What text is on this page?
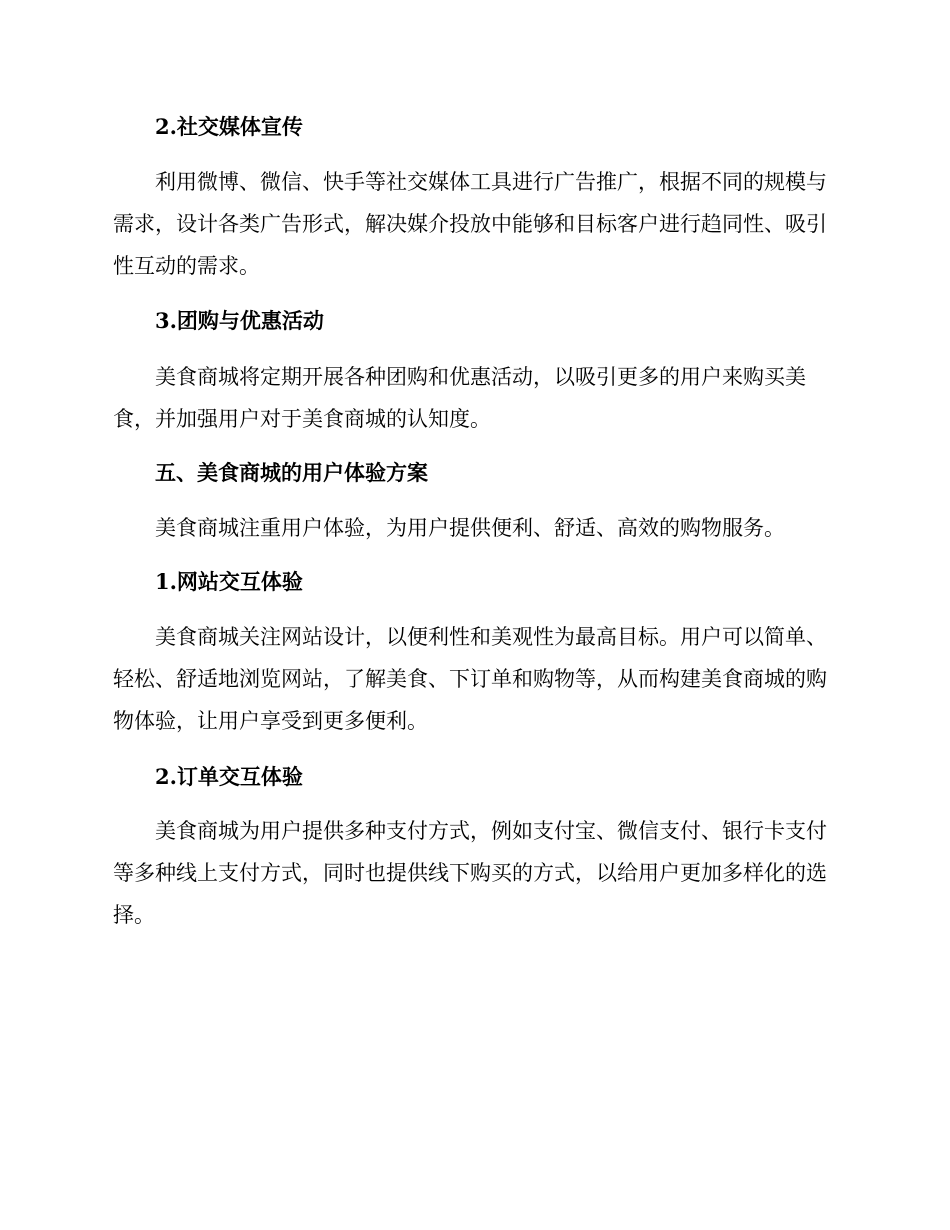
2.社交媒体宣传

利用微博、微信、快手等社交媒体工具进行广告推广，根据不同的规模与需求，设计各类广告形式，解决媒介投放中能够和目标客户进行趋同性、吸引性互动的需求。

3.团购与优惠活动

美食商城将定期开展各种团购和优惠活动，以吸引更多的用户来购买美食，并加强用户对于美食商城的认知度。

五、美食商城的用户体验方案

美食商城注重用户体验，为用户提供便利、舒适、高效的购物服务。

1.网站交互体验

美食商城关注网站设计，以便利性和美观性为最高目标。用户可以简单、轻松、舒适地浏览网站，了解美食、下订单和购物等，从而构建美食商城的购物体验，让用户享受到更多便利。

2.订单交互体验

美食商城为用户提供多种支付方式，例如支付宝、微信支付、银行卡支付等多种线上支付方式，同时也提供线下购买的方式，以给用户更加多样化的选择。
